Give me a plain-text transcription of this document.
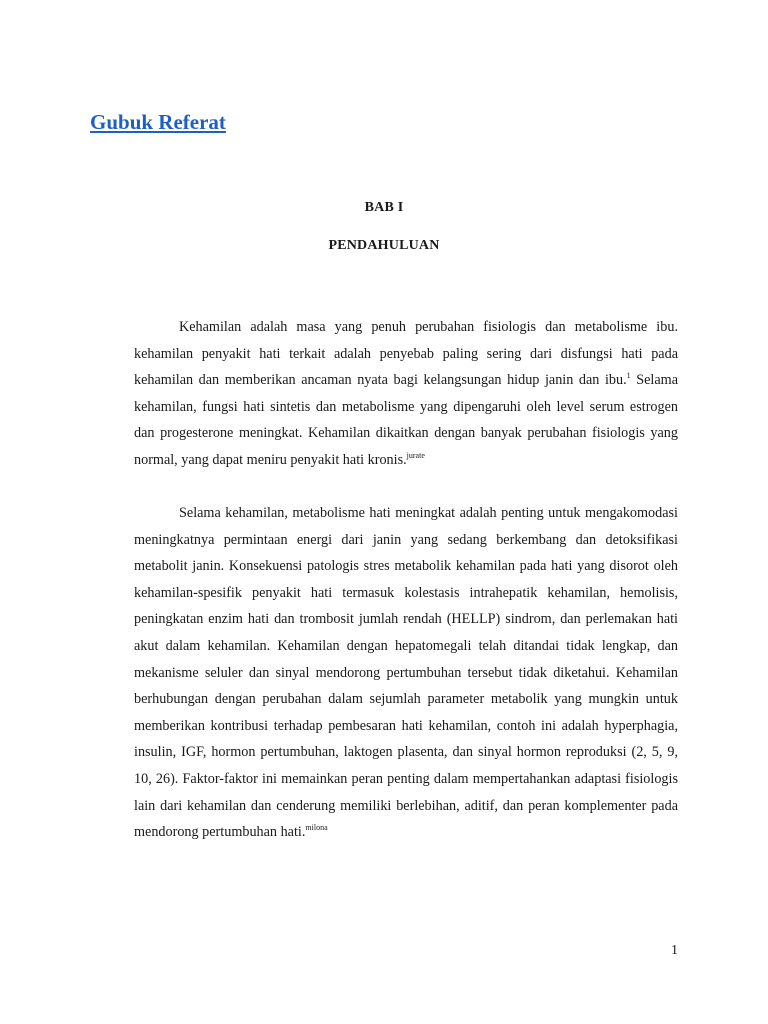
Gubuk Referat
BAB I
PENDAHULUAN

Kehamilan adalah masa yang penuh perubahan fisiologis dan metabolisme ibu. kehamilan penyakit hati terkait adalah penyebab paling sering dari disfungsi hati pada kehamilan dan memberikan ancaman nyata bagi kelangsungan hidup janin dan ibu.$^1$ Selama kehamilan, fungsi hati sintetis dan metabolisme yang dipengaruhi oleh level serum estrogen dan progesterone meningkat. Kehamilan dikaitkan dengan banyak perubahan fisiologis yang normal, yang dapat meniru penyakit hati kronis.$^{jurate}$

Selama kehamilan, metabolisme hati meningkat adalah penting untuk mengakomodasi meningkatnya permintaan energi dari janin yang sedang berkembang dan detoksifikasi metabolit janin. Konsekuensi patologis stres metabolik kehamilan pada hati yang disorot oleh kehamilan-spesifik penyakit hati termasuk kolestasis intrahepatik kehamilan, hemolisis, peningkatan enzim hati dan trombosit jumlah rendah (HELLP) sindrom, dan perlemakan hati akut dalam kehamilan. Kehamilan dengan hepatomegali telah ditandai tidak lengkap, dan mekanisme seluler dan sinyal mendorong pertumbuhan tersebut tidak diketahui. Kehamilan berhubungan dengan perubahan dalam sejumlah parameter metabolik yang mungkin untuk memberikan kontribusi terhadap pembesaran hati kehamilan, contoh ini adalah hyperphagia, insulin, IGF, hormon pertumbuhan, laktogen plasenta, dan sinyal hormon reproduksi (2, 5, 9, 10, 26). Faktor-faktor ini memainkan peran penting dalam mempertahankan adaptasi fisiologis lain dari kehamilan dan cenderung memiliki berlebihan, aditif, dan peran komplementer pada mendorong pertumbuhan hati.$^{milona}$

1
